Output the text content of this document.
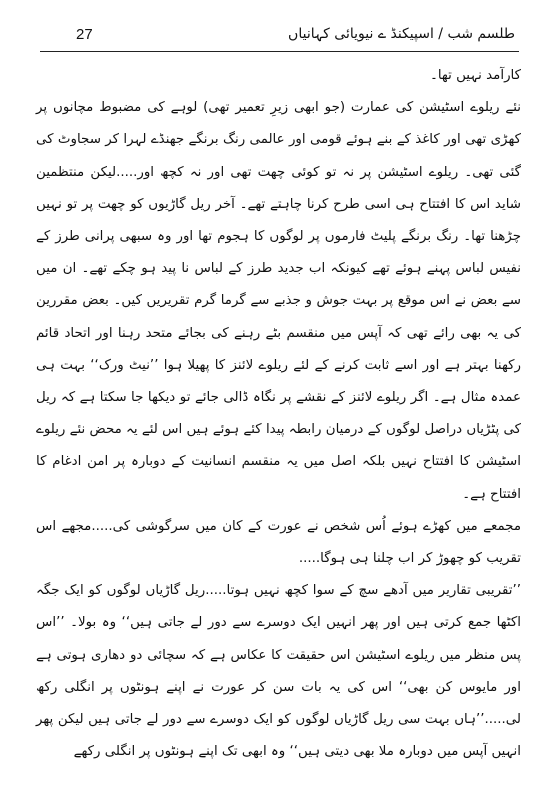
27	طلسم شب / اسپیکنڈ ے نیویائی کہانیاں

کارآمد نہیں تھا۔

نئے ریلوے اسٹیشن کی عمارت (جو ابھی زیرِ تعمیر تھی) لوہے کی مضبوط مچانوں پر کھڑی تھی اور کاغذ کے بنے ہوئے قومی اور عالمی رنگ برنگے جھنڈے لہرا کر سجاوٹ کی گئی تھی۔ ریلوے اسٹیشن پر نہ تو کوئی چھت تھی اور نہ کچھ اور.....لیکن منتظمین شاید اس کا افتتاح ہی اسی طرح کرنا چاہتے تھے۔ آخر ریل گاڑیوں کو چھت پر تو نہیں چڑھنا تھا۔ رنگ برنگے پلیٹ فارموں پر لوگوں کا ہجوم تھا اور وہ سبھی پرانی طرز کے نفیس لباس پہنے ہوئے تھے کیونکہ اب جدید طرز کے لباس نا پید ہو چکے تھے۔ ان میں سے بعض نے اس موقع پر بہت جوش و جذبے سے گرما گرم تقریریں کیں۔ بعض مقررین کی یہ بھی رائے تھی کہ آپس میں منقسم بٹے رہنے کی بجائے متحد رہنا اور اتحاد قائم رکھنا بہتر ہے اور اسے ثابت کرنے کے لئے ریلوے لائنز کا پھیلا ہوا ’’نیٹ ورک‘‘ بہت ہی عمدہ مثال ہے۔ اگر ریلوے لائنز کے نقشے پر نگاہ ڈالی جائے تو دیکھا جا سکتا ہے کہ ریل کی پٹڑیاں دراصل لوگوں کے درمیان رابطہ پیدا کئے ہوئے ہیں اس لئے یہ محض نئے ریلوے اسٹیشن کا افتتاح نہیں بلکہ اصل میں یہ منقسم انسانیت کے دوبارہ پر امن ادغام کا افتتاح ہے۔

مجمعے میں کھڑے ہوئے اُس شخص نے عورت کے کان میں سرگوشی کی.....مجھے اس تقریب کو چھوڑ کر اب چلنا ہی ہوگا.....

’’تقریبی تقاریر میں آدھے سچ کے سوا کچھ نہیں ہوتا.....ریل گاڑیاں لوگوں کو ایک جگہ اکٹھا جمع کرتی ہیں اور پھر انہیں ایک دوسرے سے دور لے جاتی ہیں‘‘ وہ بولا۔ ’’اس پس منظر میں ریلوے اسٹیشن اس حقیقت کا عکاس ہے کہ سچائی دو دھاری ہوتی ہے اور مایوس کن بھی‘‘ اس کی یہ بات سن کر عورت نے اپنے ہونٹوں پر انگلی رکھ لی.....’’ہاں بہت سی ریل گاڑیاں لوگوں کو ایک دوسرے سے دور لے جاتی ہیں لیکن پھر انہیں آپس میں دوبارہ ملا بھی دیتی ہیں‘‘ وہ ابھی تک اپنے ہونٹوں پر انگلی رکھے
